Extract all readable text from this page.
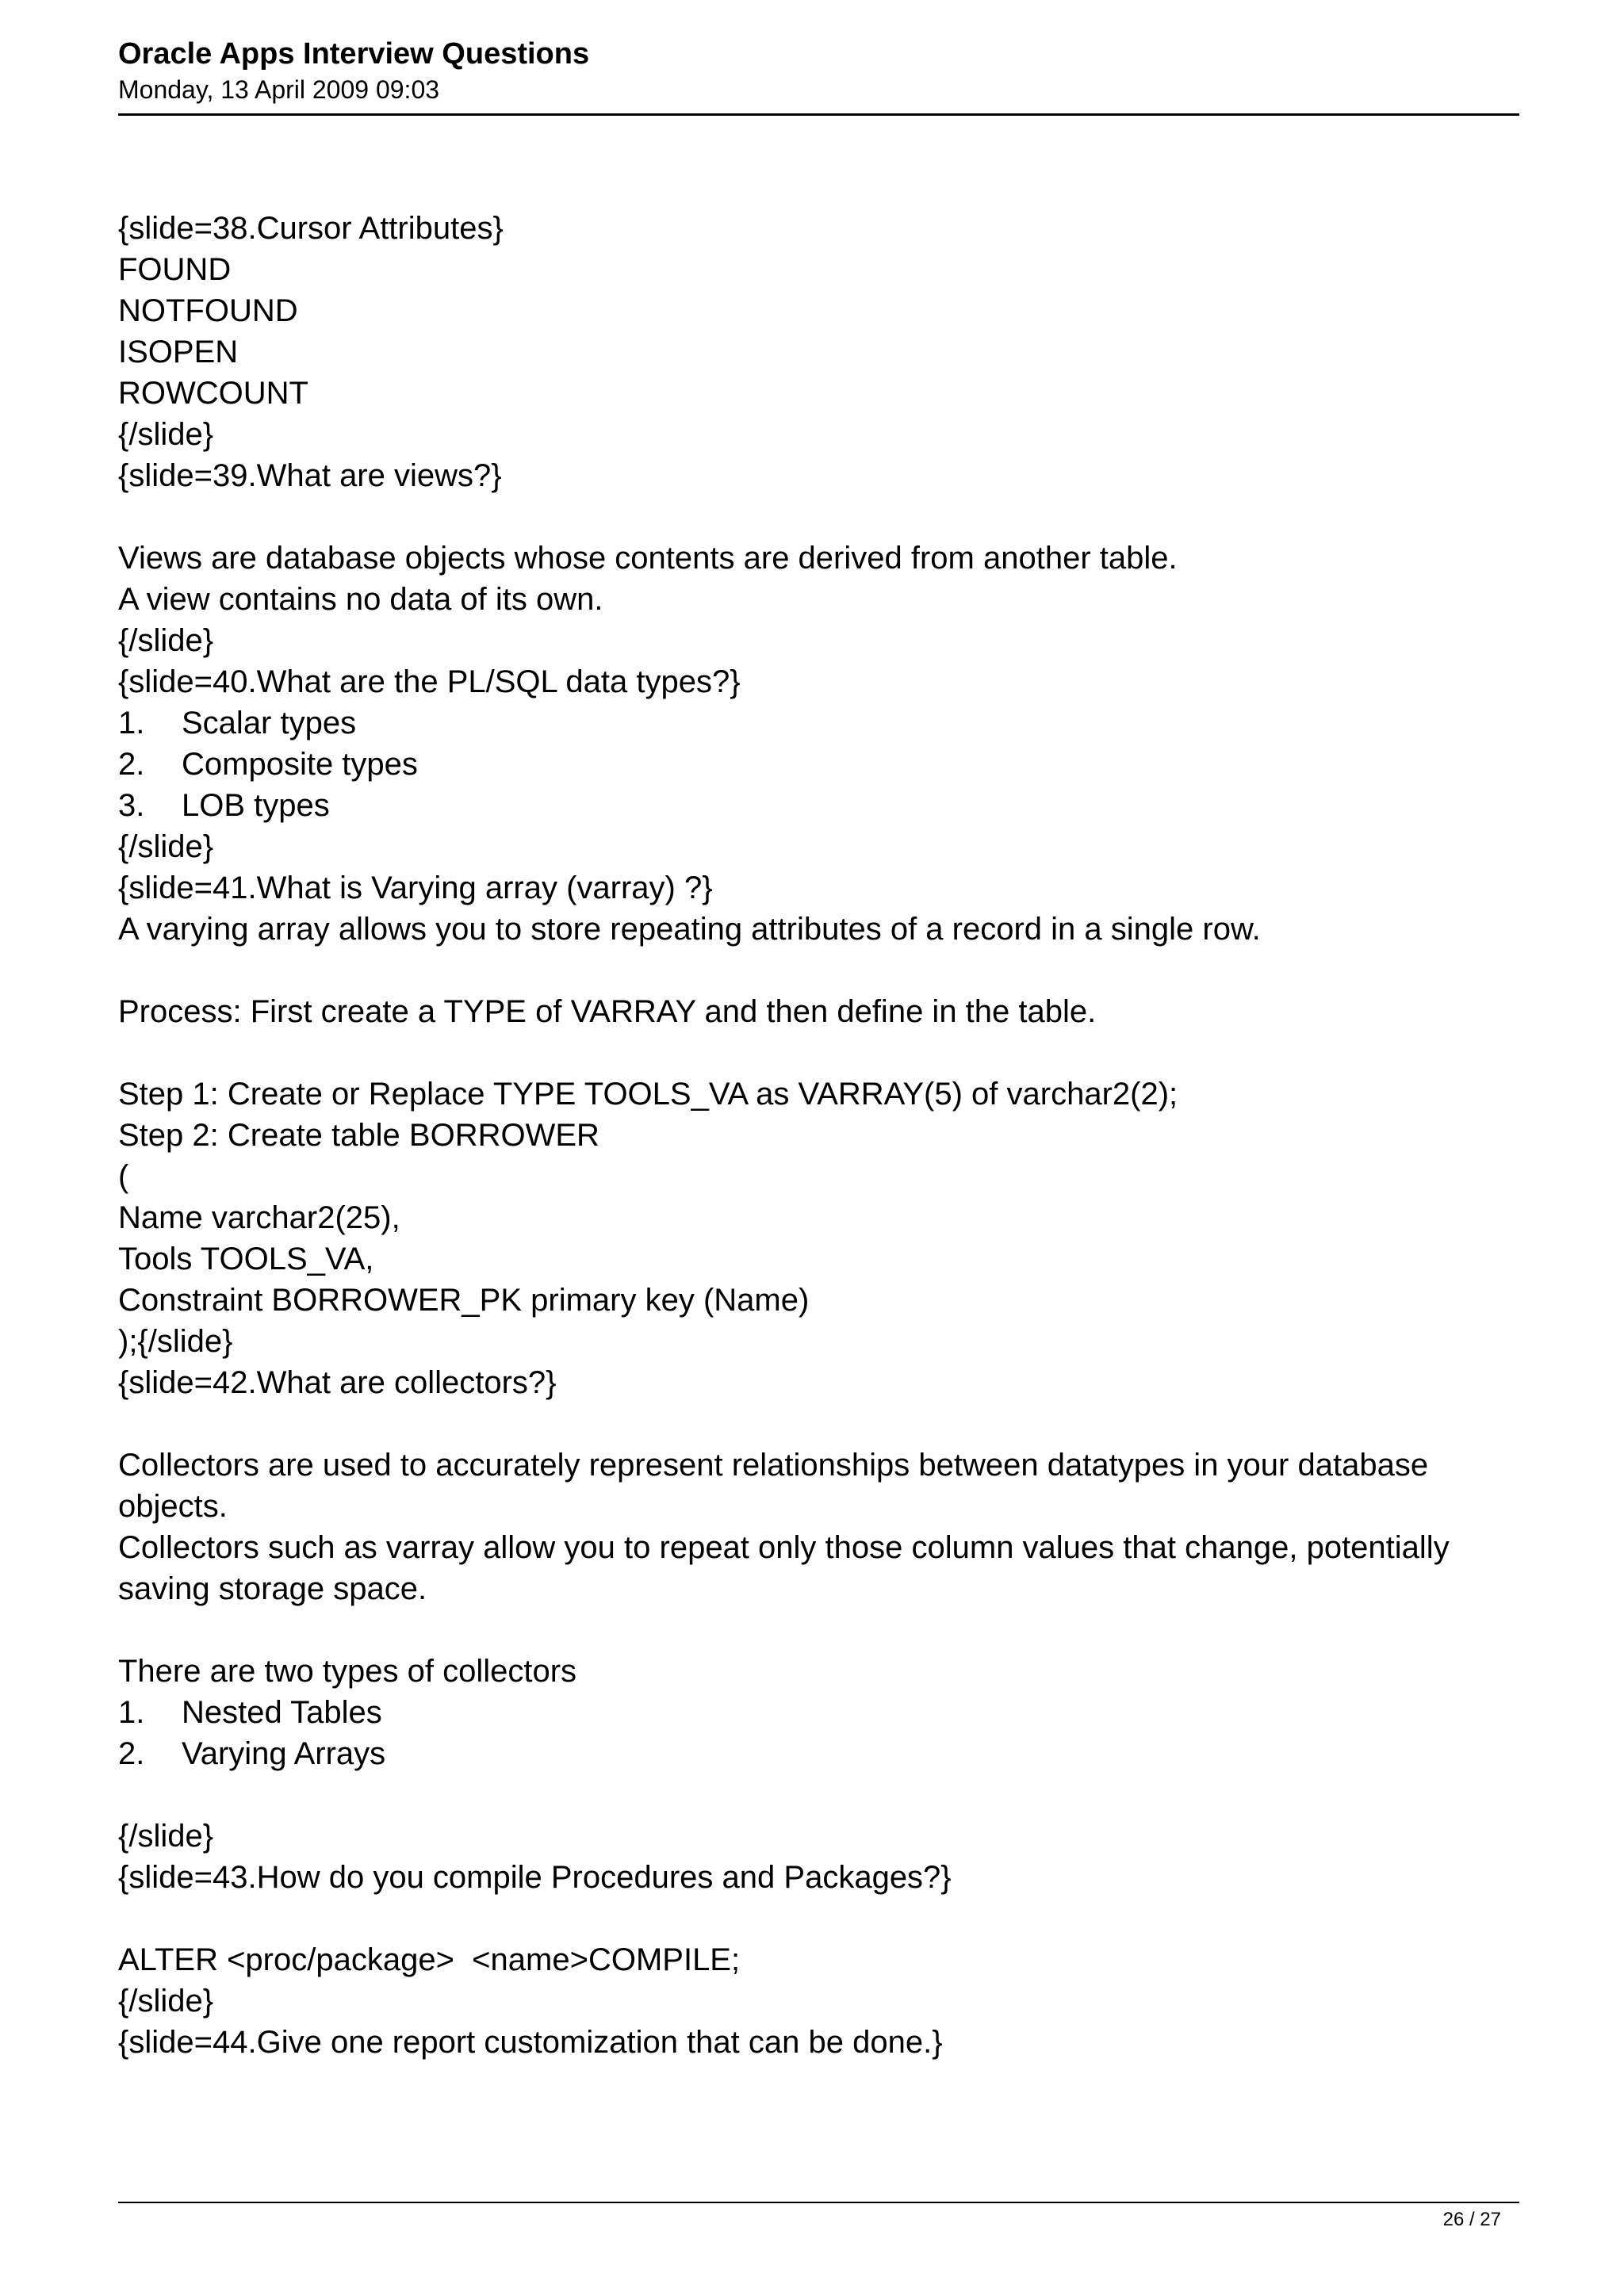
Oracle Apps Interview Questions
Monday, 13 April 2009 09:03
{slide=38.Cursor Attributes}
FOUND
NOTFOUND
ISOPEN
ROWCOUNT
{/slide}
{slide=39.What are views?}
Views are database objects whose contents are derived from another table.
A view contains no data of its own.
{/slide}
{slide=40.What are the PL/SQL data types?}
1. Scalar types
2. Composite types
3. LOB types
{/slide}
{slide=41.What is Varying array (varray) ?}
A varying array allows you to store repeating attributes of a record in a single row.
Process: First create a TYPE of VARRAY and then define in the table.
Step 1: Create or Replace TYPE TOOLS_VA as VARRAY(5) of varchar2(2);
Step 2: Create table BORROWER
(
Name varchar2(25),
Tools TOOLS_VA,
Constraint BORROWER_PK primary key (Name)
);{/slide}
{slide=42.What are collectors?}
Collectors are used to accurately represent relationships between datatypes in your database objects.
Collectors such as varray allow you to repeat only those column values that change, potentially saving storage space.
There are two types of collectors
1. Nested Tables
2. Varying Arrays
{/slide}
{slide=43.How do you compile Procedures and Packages?}
ALTER <proc/package>  <name>COMPILE;
{/slide}
{slide=44.Give one report customization that can be done.}
26 / 27
